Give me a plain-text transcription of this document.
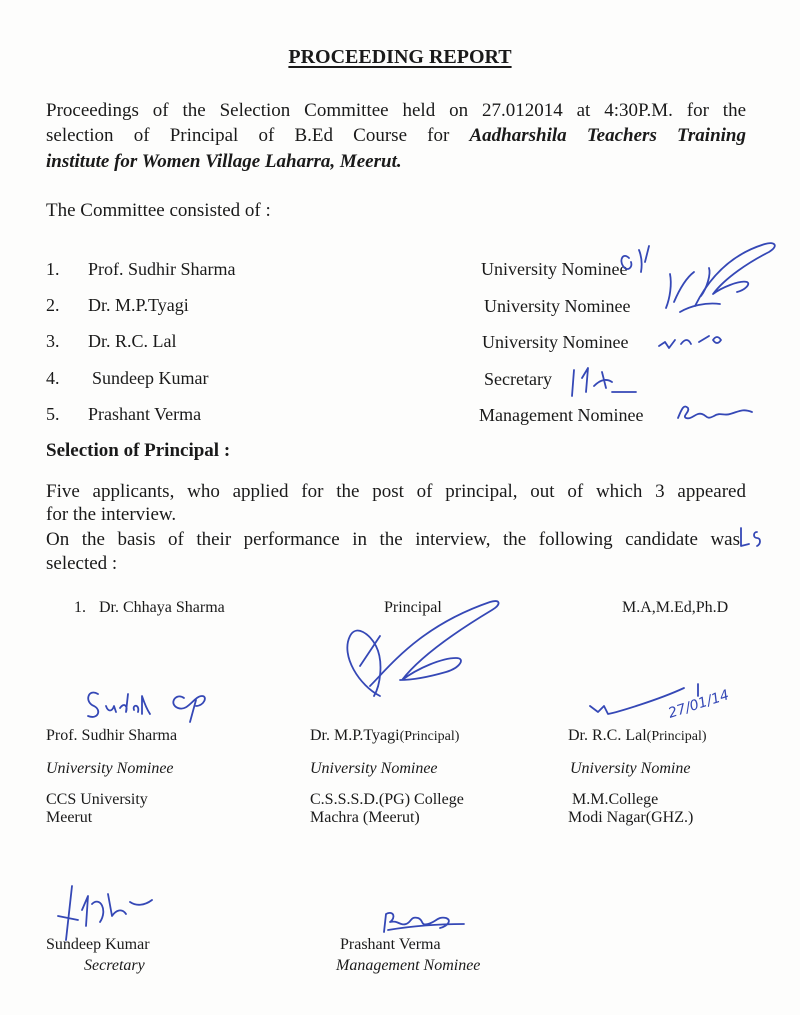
PROCEEDING REPORT
Proceedings of the Selection Committee held on 27.012014 at 4:30P.M. for the
selection of Principal of B.Ed Course for Aadharshila Teachers Training
institute for Women Village Laharra, Meerut.
The Committee consisted of :
1. Prof. Sudhir Sharma	University Nominee
2. Dr. M.P.Tyagi	University Nominee
3. Dr. R.C. Lal	University Nominee
4. Sundeep Kumar	Secretary
5. Prashant Verma	Management Nominee
Selection of Principal :
Five applicants, who applied for the post of principal, out of which 3 appeared
for the interview.
On the basis of their performance in the interview, the following candidate was
selected :
1. Dr. Chhaya Sharma	Principal	M.A,M.Ed,Ph.D
Prof. Sudhir Sharma
University Nominee
CCS University
Meerut
Dr. M.P.Tyagi(Principal)
University Nominee
C.S.S.S.D.(PG) College
Machra (Meerut)
Dr. R.C. Lal(Principal)
University Nomine
M.M.College
Modi Nagar(GHZ.)
Sundeep Kumar
Secretary
Prashant Verma
Management Nominee
27/01/14
